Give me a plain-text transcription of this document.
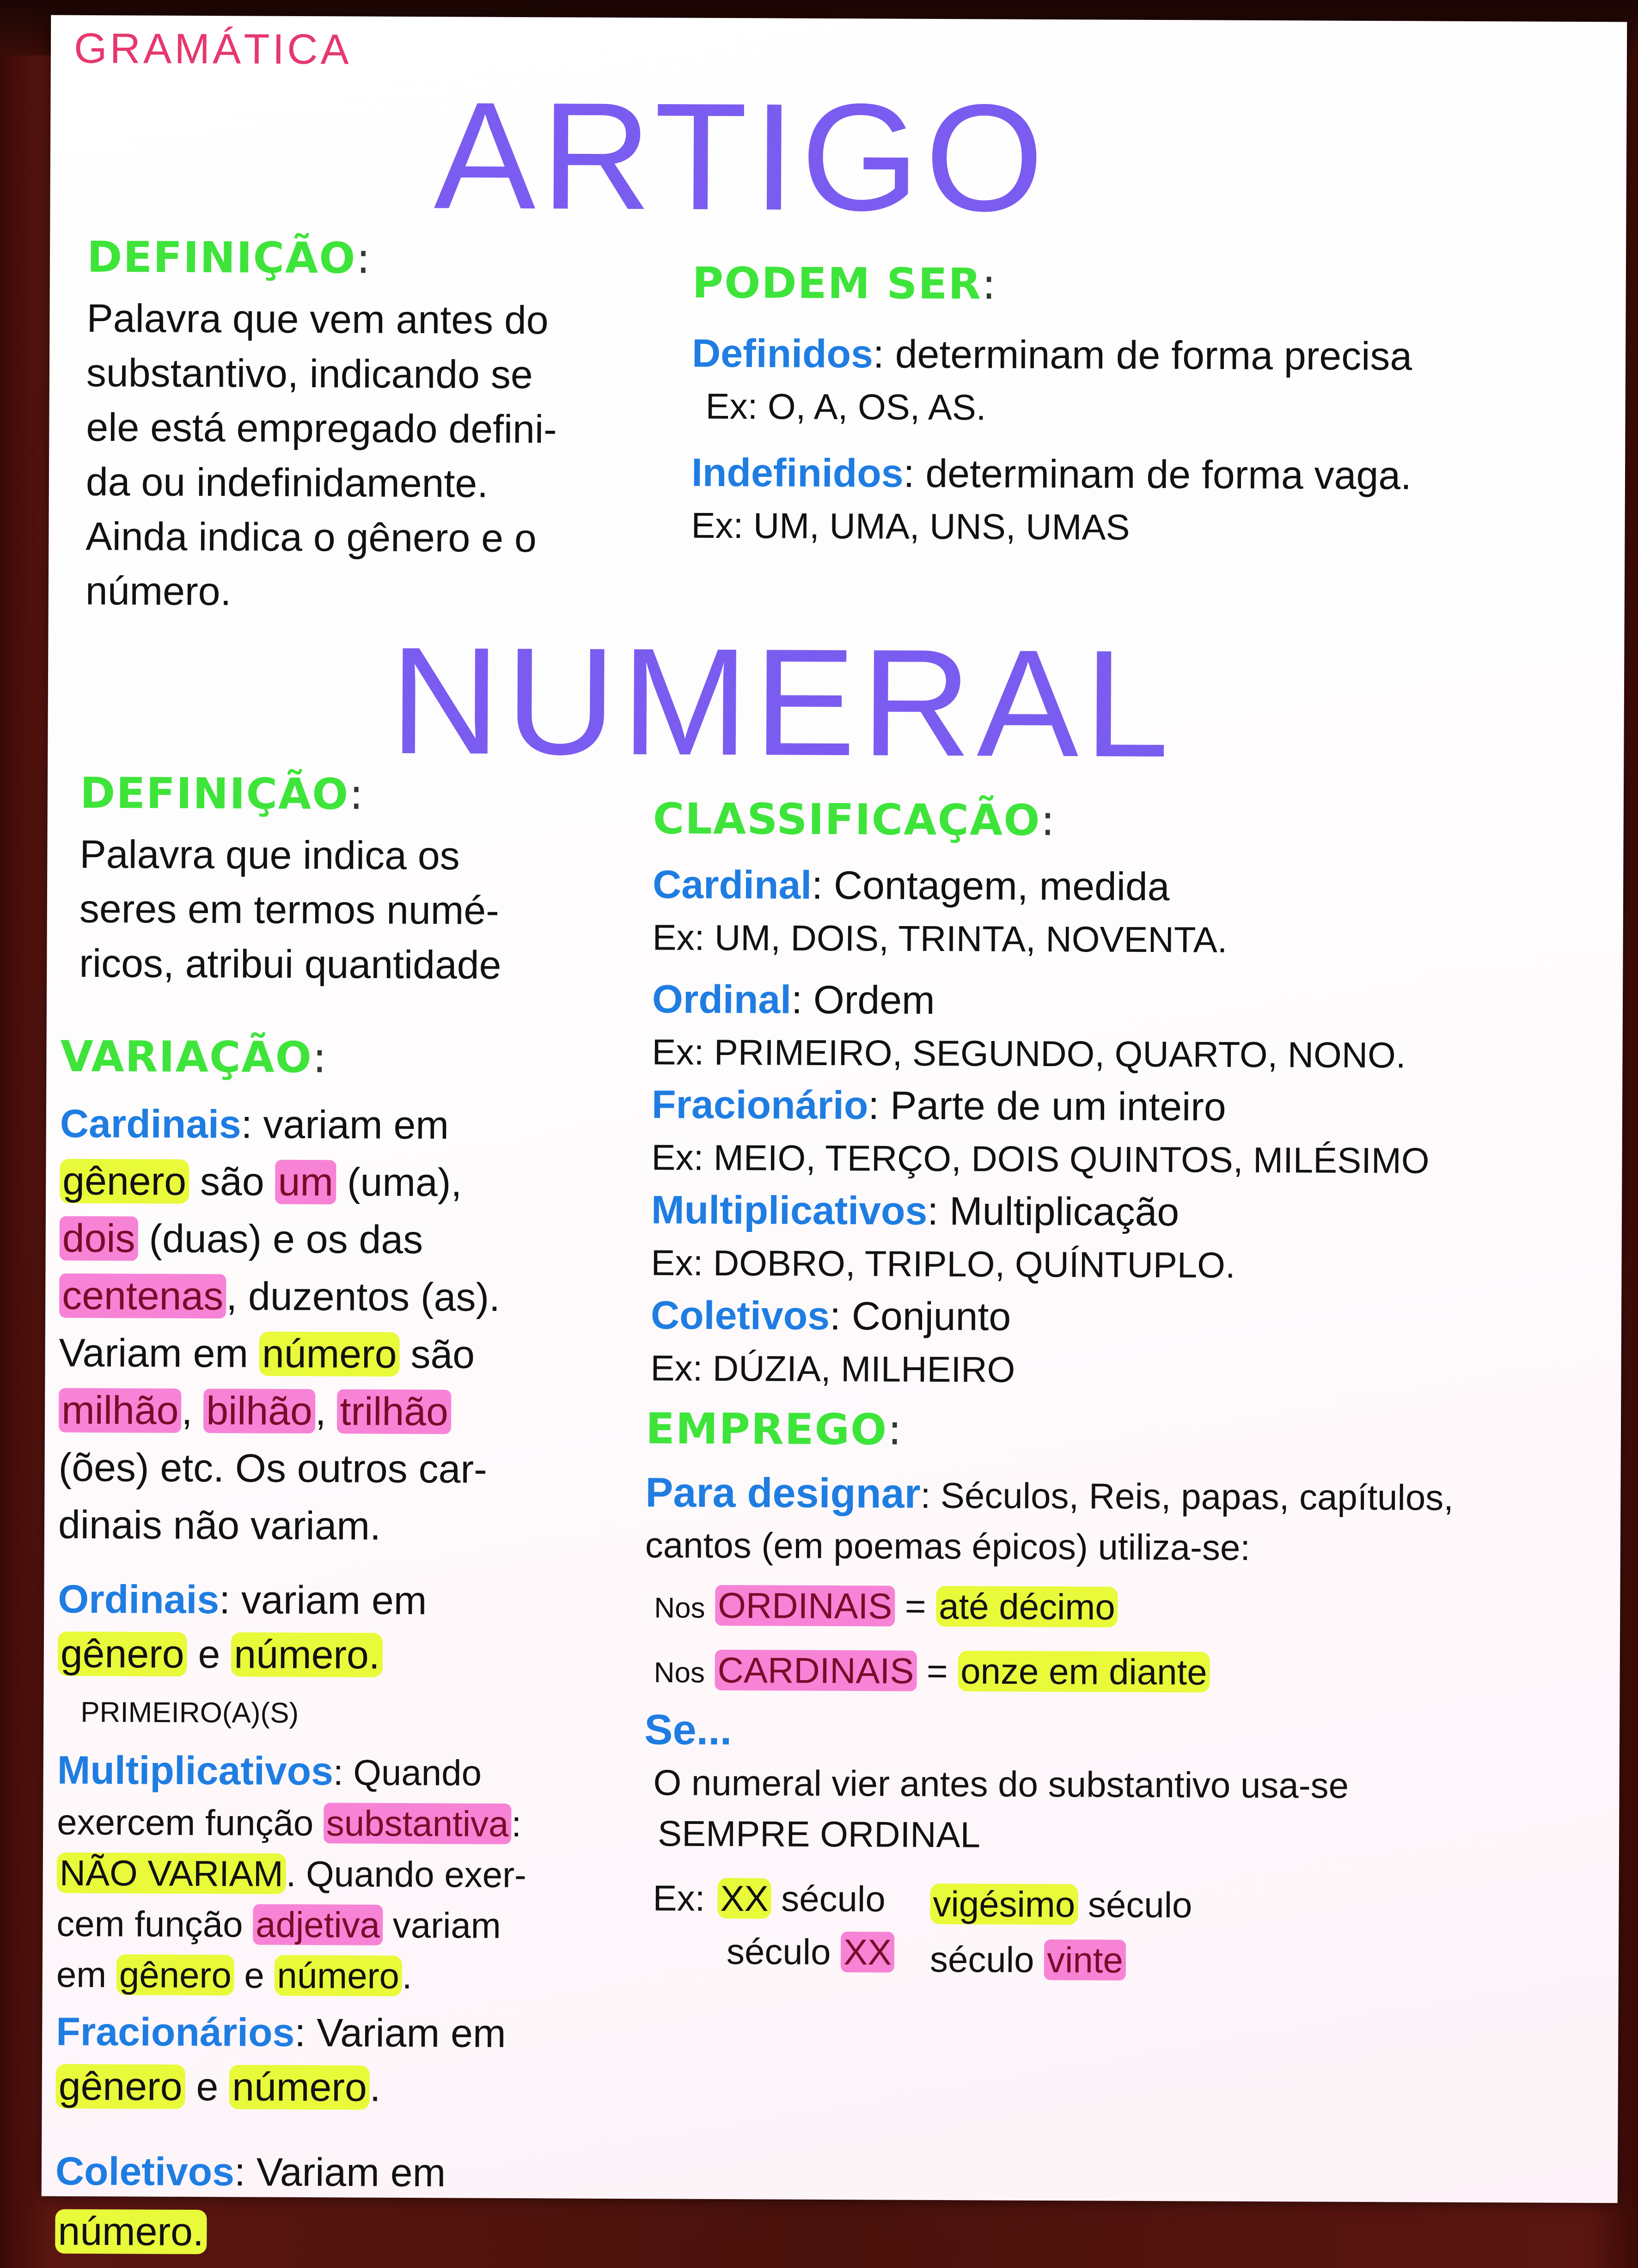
GRAMÁTICA
ARTIGO
DEFINIÇÃO:
Palavra que vem antes do
substantivo, indicando se
ele está empregado defini-
da ou indefinidamente.
Ainda indica o gênero e o
número.
PODEM SER:
Definidos: determinam de forma precisa
Ex: O, A, OS, AS.
Indefinidos: determinam de forma vaga.
Ex: UM, UMA, UNS, UMAS
NUMERAL
DEFINIÇÃO:
Palavra que indica os
seres em termos numé-
ricos, atribui quantidade
VARIAÇÃO:
Cardinais: variam em
gênero são um (uma),
dois (duas) e os das
centenas, duzentos (as).
Variam em número são
milhão, bilhão, trilhão
(ões) etc. Os outros car-
dinais não variam.
Ordinais: variam em
gênero e número.
PRIMEIRO(A)(S)
Multiplicativos: Quando
exercem função substantiva:
NÃO VARIAM. Quando exer-
cem função adjetiva variam
em gênero e número.
Fracionários: Variam em
gênero e número.
Coletivos: Variam em
número.
CLASSIFICAÇÃO:
Cardinal: Contagem, medida
Ex: UM, DOIS, TRINTA, NOVENTA.
Ordinal: Ordem
Ex: PRIMEIRO, SEGUNDO, QUARTO, NONO.
Fracionário: Parte de um inteiro
Ex: MEIO, TERÇO, DOIS QUINTOS, MILÉSIMO
Multiplicativos: Multiplicação
Ex: DOBRO, TRIPLO, QUÍNTUPLO.
Coletivos: Conjunto
Ex: DÚZIA, MILHEIRO
EMPREGO:
Para designar: Séculos, Reis, papas, capítulos,
cantos (em poemas épicos) utiliza-se:
Nos ORDINAIS = até décimo
Nos CARDINAIS = onze em diante
Se...
O numeral vier antes do substantivo usa-se
SEMPRE ORDINAL
Ex: XX século vigésimo século
século XX século vinte
